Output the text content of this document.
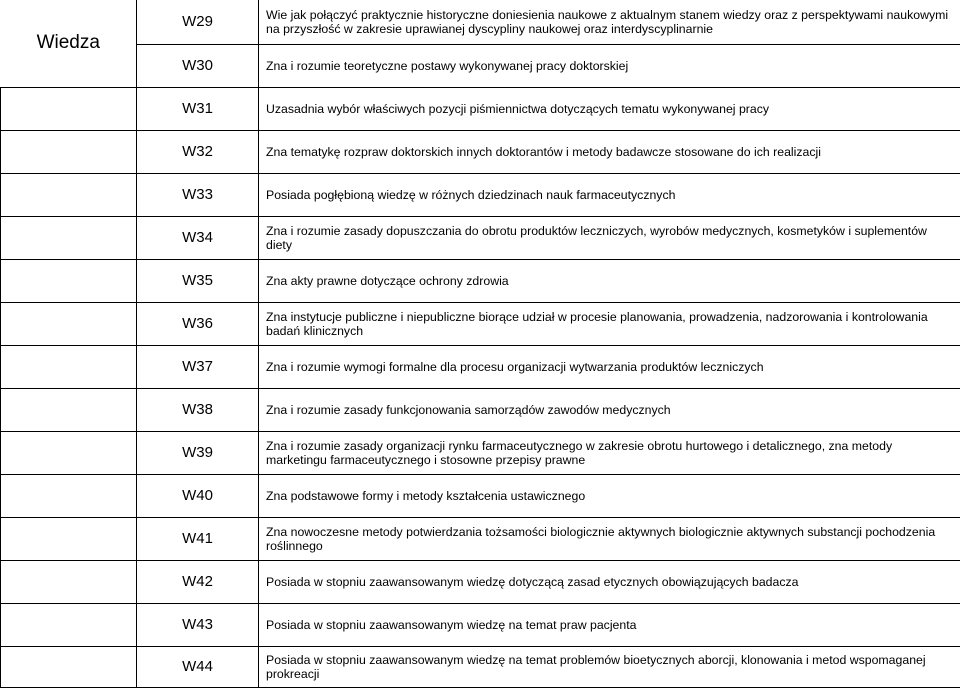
Wiedza	W29	Wie jak połączyć praktycznie historyczne doniesienia naukowe z aktualnym stanem wiedzy oraz z perspektywami naukowymi na przyszłość w zakresie uprawianej dyscypliny naukowej oraz interdyscyplinarnie
	W30	Zna i rozumie teoretyczne postawy wykonywanej pracy doktorskiej
	W31	Uzasadnia wybór właściwych pozycji piśmiennictwa dotyczących tematu wykonywanej pracy
	W32	Zna tematykę rozpraw doktorskich innych doktorantów i metody badawcze stosowane do ich realizacji
	W33	Posiada pogłębioną wiedzę w różnych dziedzinach nauk farmaceutycznych
	W34	Zna i rozumie zasady dopuszczania do obrotu produktów leczniczych, wyrobów medycznych, kosmetyków i suplementów diety
	W35	Zna akty prawne dotyczące ochrony zdrowia
	W36	Zna instytucje publiczne i niepubliczne biorące udział w procesie planowania, prowadzenia, nadzorowania i kontrolowania badań klinicznych
	W37	Zna i rozumie wymogi formalne dla procesu organizacji wytwarzania produktów leczniczych
	W38	Zna i rozumie zasady funkcjonowania samorządów zawodów medycznych
	W39	Zna i rozumie zasady organizacji rynku farmaceutycznego w zakresie obrotu hurtowego i detalicznego, zna metody marketingu farmaceutycznego i stosowne przepisy prawne
	W40	Zna podstawowe formy i metody kształcenia ustawicznego
	W41	Zna nowoczesne metody potwierdzania tożsamości biologicznie aktywnych biologicznie aktywnych substancji pochodzenia roślinnego
	W42	Posiada w stopniu zaawansowanym wiedzę dotyczącą zasad etycznych obowiązujących badacza
	W43	Posiada w stopniu zaawansowanym wiedzę na temat praw pacjenta
	W44	Posiada w stopniu zaawansowanym wiedzę na temat problemów bioetycznych aborcji, klonowania i metod wspomaganej prokreacji
